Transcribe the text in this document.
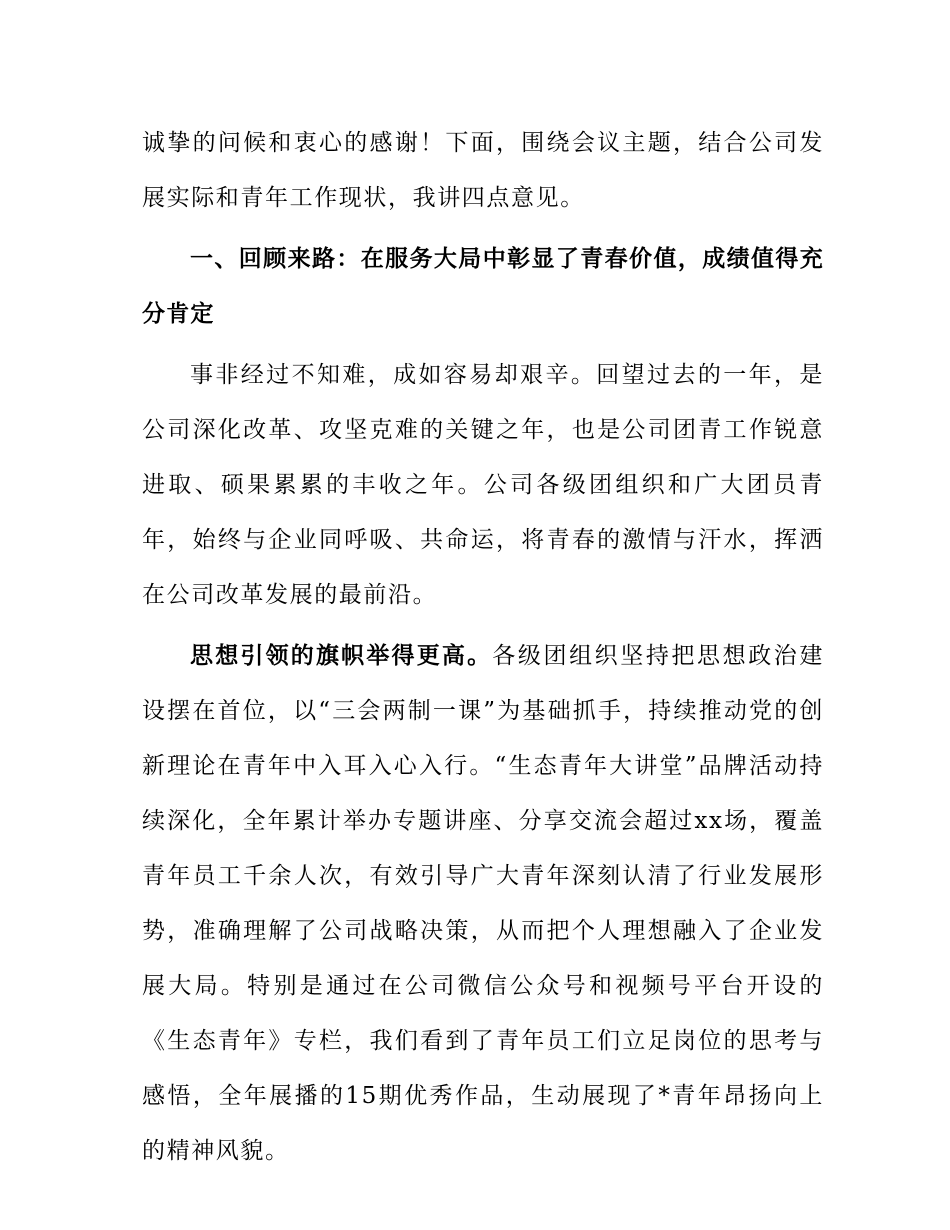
诚挚的问候和衷心的感谢！下面，围绕会议主题，结合公司发展实际和青年工作现状，我讲四点意见。

一、回顾来路：在服务大局中彰显了青春价值，成绩值得充分肯定

事非经过不知难，成如容易却艰辛。回望过去的一年，是公司深化改革、攻坚克难的关键之年，也是公司团青工作锐意进取、硕果累累的丰收之年。公司各级团组织和广大团员青年，始终与企业同呼吸、共命运，将青春的激情与汗水，挥洒在公司改革发展的最前沿。

思想引领的旗帜举得更高。各级团组织坚持把思想政治建设摆在首位，以“三会两制一课”为基础抓手，持续推动党的创新理论在青年中入耳入心入行。“生态青年大讲堂”品牌活动持续深化，全年累计举办专题讲座、分享交流会超过xx场，覆盖青年员工千余人次，有效引导广大青年深刻认清了行业发展形势，准确理解了公司战略决策，从而把个人理想融入了企业发展大局。特别是通过在公司微信公众号和视频号平台开设的《生态青年》专栏，我们看到了青年员工们立足岗位的思考与感悟，全年展播的15期优秀作品，生动展现了*青年昂扬向上的精神风貌。
